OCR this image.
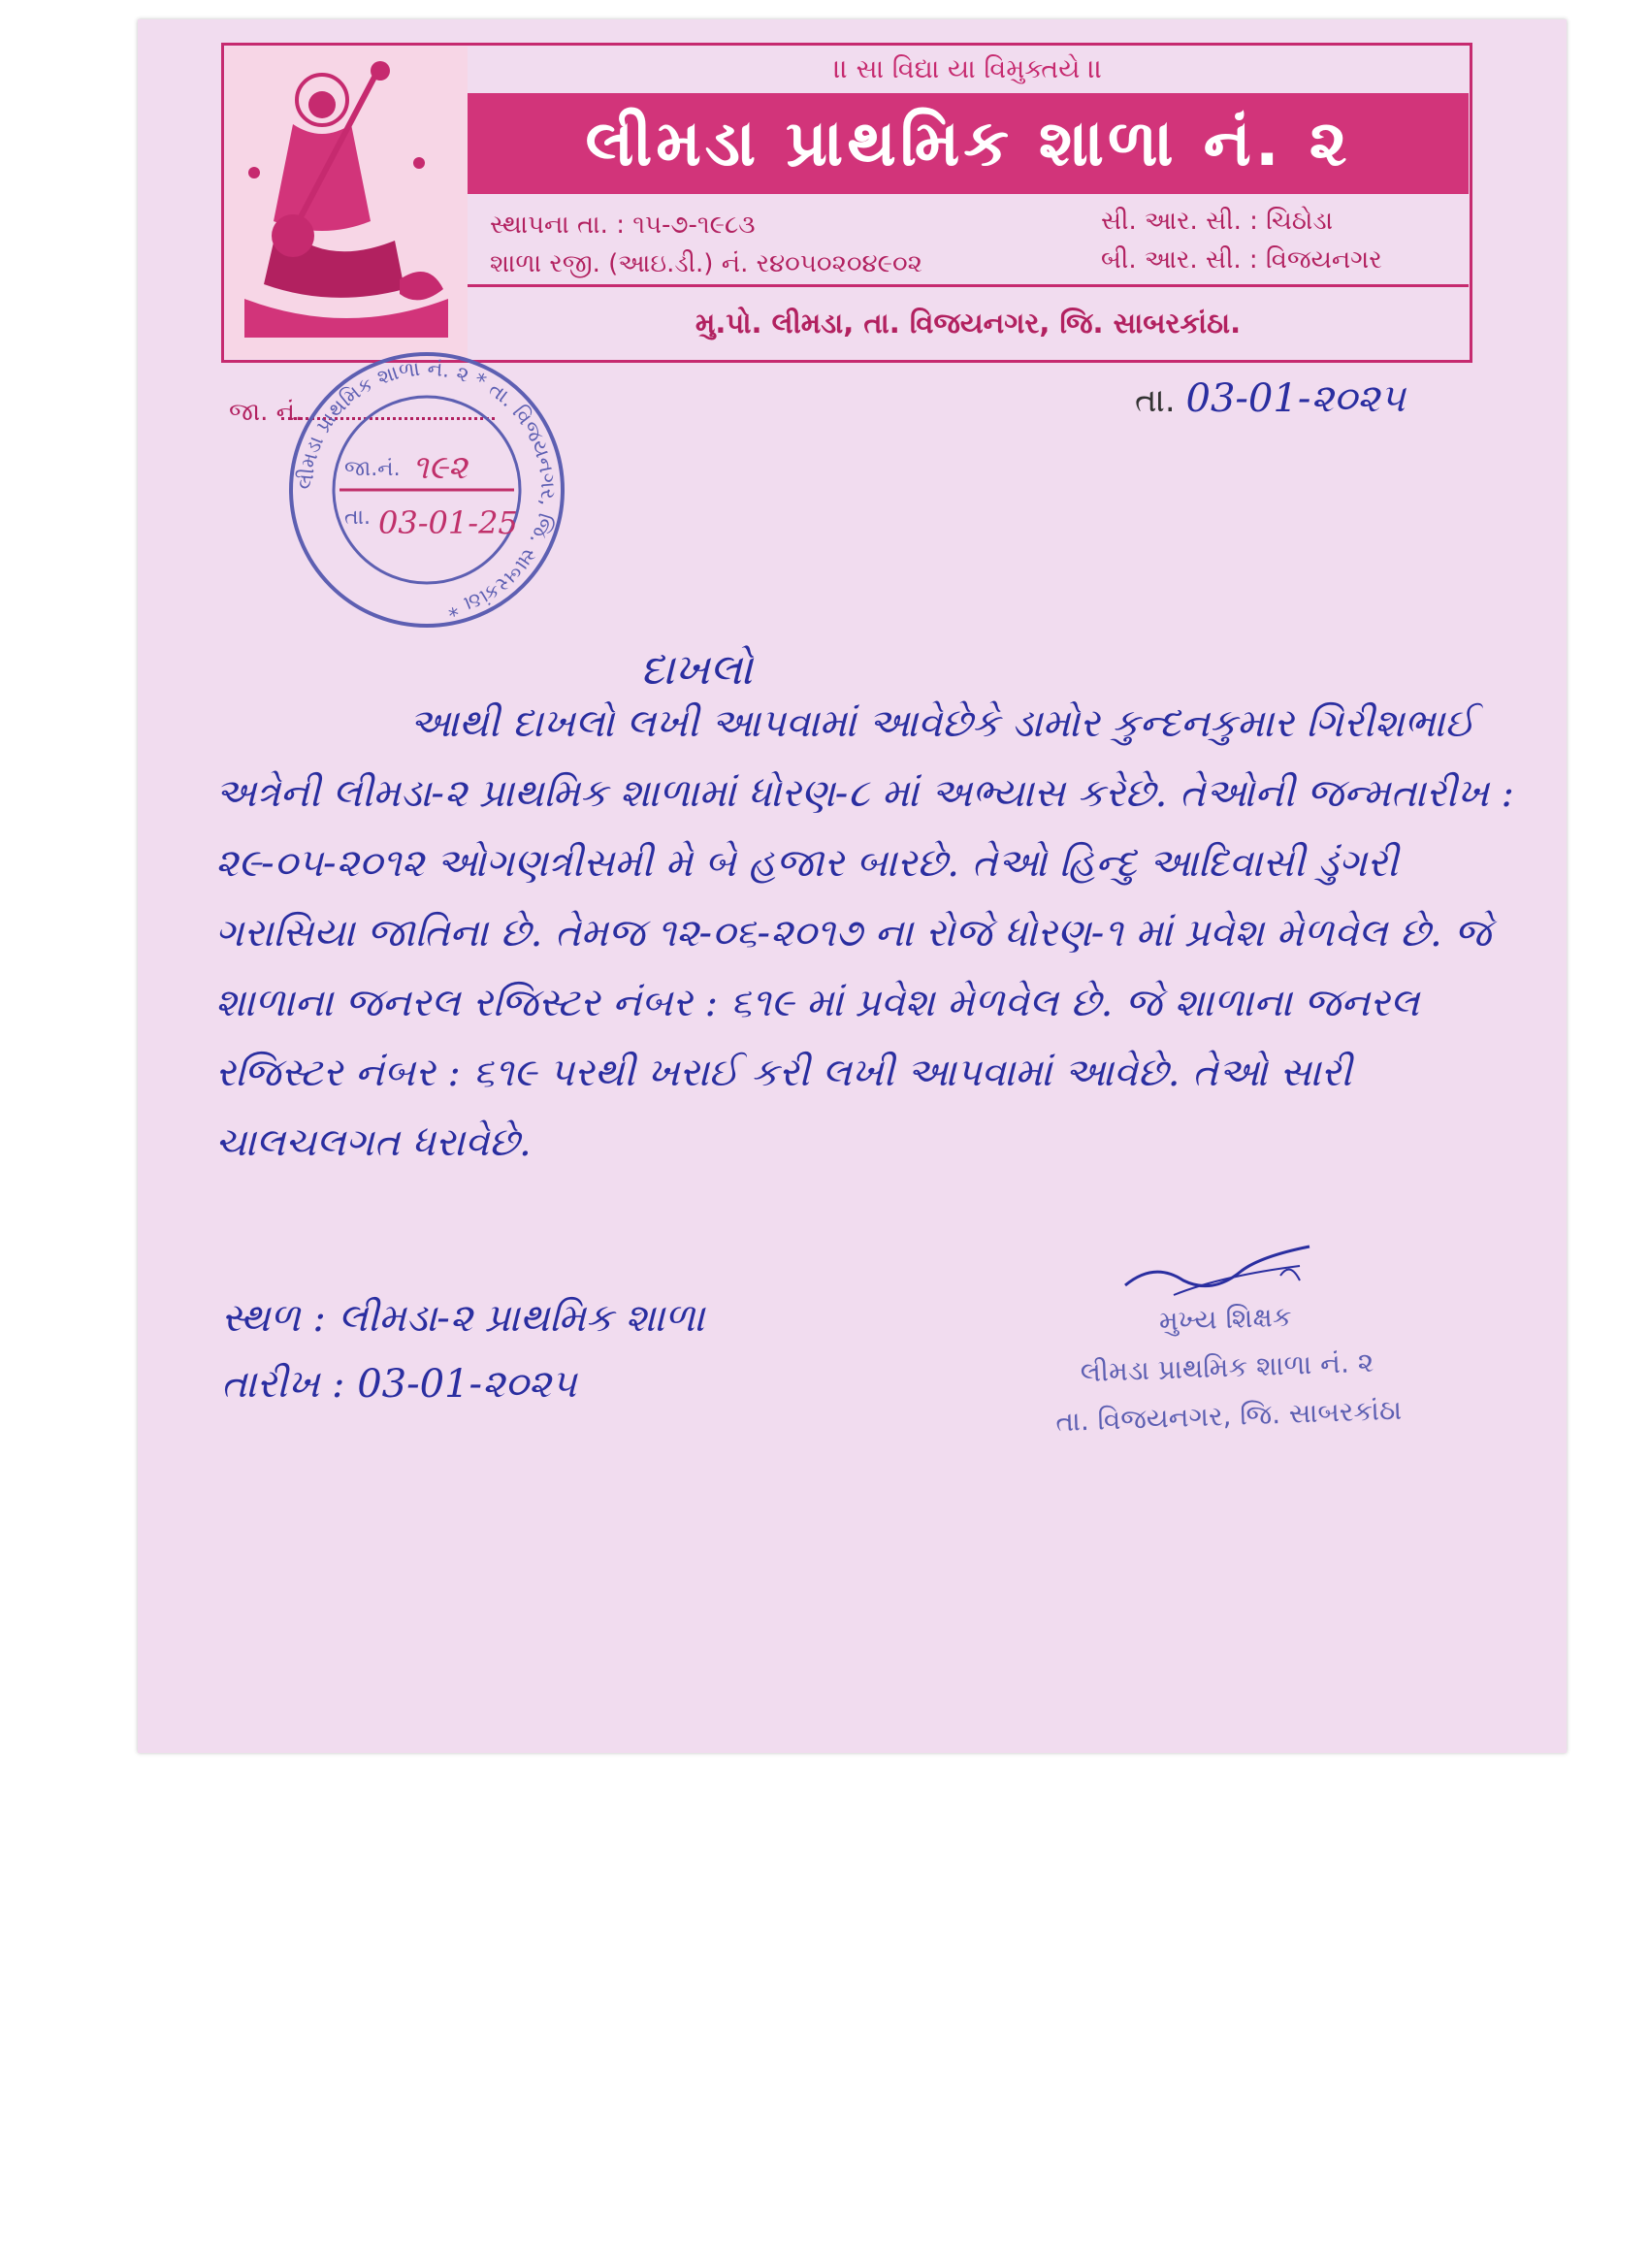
।। સા વિદ્યા યા વિમુક્તયે ।।
લીમડા પ્રાથમિક શાળા નં. ૨
સ્થાપના તા. : ૧૫-૭-૧૯૮૩
શાળા રજી. (આઇ.ડી.) નં. ર૪૦૫૦૨૦૪૯૦૨
સી. આર. સી. : ચિઠોડા
બી. આર. સી. : વિજયનગર
મુ.પો. લીમડા, તા. વિજયનગર, જિ. સાબરકાંઠા.
જા. નં.	તા. 03-01-૨૦૨૫
લીમડા પ્રાથમિક શાળા નં. ૨ * તા. વિજયનગર, જિ. સાબરકાંઠા *
જા.નં. ૧૯૨
તા. 03-01-25
દાખલો

આથી દાખલો લખી આપવામાં આવેછેકે ડામોર કુન્દનકુમાર ગિરીશભાઈ અત્રેની લીમડા-૨ પ્રાથમિક શાળામાં ધોરણ-૮ માં અભ્યાસ કરેછે. તેઓની જન્મતારીખ : ૨૯-૦૫-૨૦૧૨ ઓગણત્રીસમી મે બે હજાર બારછે. તેઓ હિન્દુ આદિવાસી ડુંગરી ગરાસિયા જાતિના છે. તેમજ ૧૨-૦૬-૨૦૧૭ ના રોજે ધોરણ-૧ માં પ્રવેશ મેળવેલ છે. જે શાળાના જનરલ રજિસ્ટર નંબર : ૬૧૯ માં પ્રવેશ મેળવેલ છે. જે શાળાના જનરલ રજિસ્ટર નંબર : ૬૧૯ પરથી ખરાઈ કરી લખી આપવામાં આવેછે. તેઓ સારી ચાલચલગત ધરાવેછે.

સ્થળ : લીમડા-૨ પ્રાથમિક શાળા
તારીખ : 03-01-૨૦૨૫
મુખ્ય શિક્ષક
લીમડા પ્રાથમિક શાળા નં. ૨
તા. વિજયનગર, જિ. સાબરકાંઠા
